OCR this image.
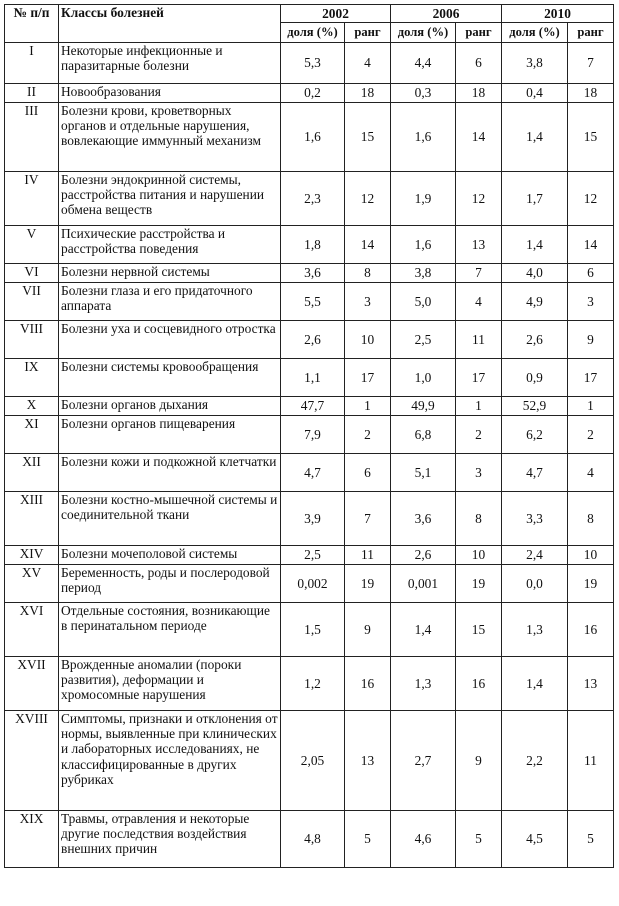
№ п/п	Классы болезней	2002		2006		2010	
		доля (%)	ранг	доля (%)	ранг	доля (%)	ранг
I	Некоторые инфекционные и паразитарные болезни	5,3	4	4,4	6	3,8	7
II	Новообразования	0,2	18	0,3	18	0,4	18
III	Болезни крови, кроветворных органов и отдельные нарушения, вовлекающие иммунный механизм	1,6	15	1,6	14	1,4	15
IV	Болезни эндокринной системы, расстройства питания и нарушении обмена веществ	2,3	12	1,9	12	1,7	12
V	Психические расстройства и расстройства поведения	1,8	14	1,6	13	1,4	14
VI	Болезни нервной системы	3,6	8	3,8	7	4,0	6
VII	Болезни глаза и его придаточного аппарата	5,5	3	5,0	4	4,9	3
VIII	Болезни уха и сосцевидного отростка	2,6	10	2,5	11	2,6	9
IX	Болезни системы кровообращения	1,1	17	1,0	17	0,9	17
X	Болезни органов дыхания	47,7	1	49,9	1	52,9	1
XI	Болезни органов пищеварения	7,9	2	6,8	2	6,2	2
XII	Болезни кожи и подкожной клетчатки	4,7	6	5,1	3	4,7	4
XIII	Болезни костно-мышечной системы и соединительной ткани	3,9	7	3,6	8	3,3	8
XIV	Болезни мочеполовой системы	2,5	11	2,6	10	2,4	10
XV	Беременность, роды и послеродовой период	0,002	19	0,001	19	0,0	19
XVI	Отдельные состояния, возникающие в перинатальном периоде	1,5	9	1,4	15	1,3	16
XVII	Врожденные аномалии (пороки развития), деформации и хромосомные нарушения	1,2	16	1,3	16	1,4	13
XVIII	Симптомы, признаки и отклонения от нормы, выявленные при клинических и лабораторных исследованиях, не классифицированные в других рубриках	2,05	13	2,7	9	2,2	11
XIX	Травмы, отравления и некоторые другие последствия воздействия внешних причин	4,8	5	4,6	5	4,5	5
